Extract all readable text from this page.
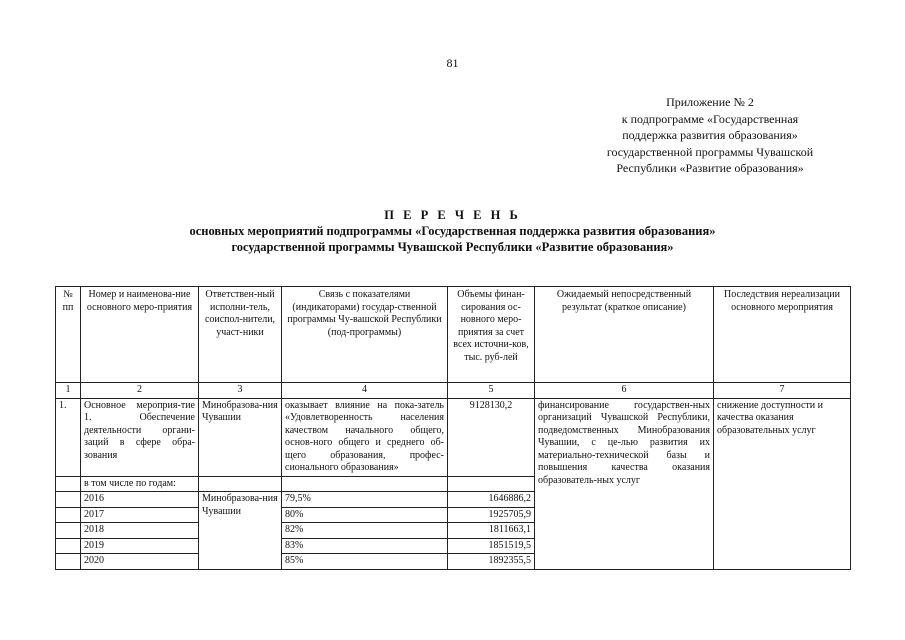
81
Приложение № 2
к подпрограмме «Государственная
поддержка развития образования»
государственной программы Чувашской
Республики «Развитие образования»
П Е Р Е Ч Е Н Ь
основных мероприятий подпрограммы «Государственная поддержка развития образования»
государственной программы Чувашской Республики «Развитие образования»
№ пп	Номер и наименова-ние основного меро-приятия	Ответствен-ный исполни-тель, соиспол-нители, участ-ники	Связь с показателями (индикаторами) государ-ственной программы Чу-вашской Республики (под-программы)	Объемы финан-сирования ос-новного меро-приятия за счет всех источни-ков, тыс. руб-лей	Ожидаемый непосредственный результат (краткое описание)	Последствия нереализации основного мероприятия
1	2	3	4	5	6	7
1.	Основное мероприя-тие 1. Обеспечение деятельности органи-заций в сфере обра-зования	Минобразова-ния Чувашии	оказывает влияние на пока-затель «Удовлетворенность населения качеством начального общего, основ-ного общего и среднего об-щего образования, профес-сионального образования»	9128130,2	финансирование государствен-ных организаций Чувашской Республики, подведомственных Минобразования Чувашии, с це-лью развития их материально-технической базы и повышения качества оказания образователь-ных услуг	снижение доступности и качества оказания образовательных услуг
	в том числе по годам:					
	2016	Минобразова-ния Чувашии	79,5%	1646886,2		
	2017		80%	1925705,9		
	2018		82%	1811663,1		
	2019		83%	1851519,5		
	2020		85%	1892355,5		
